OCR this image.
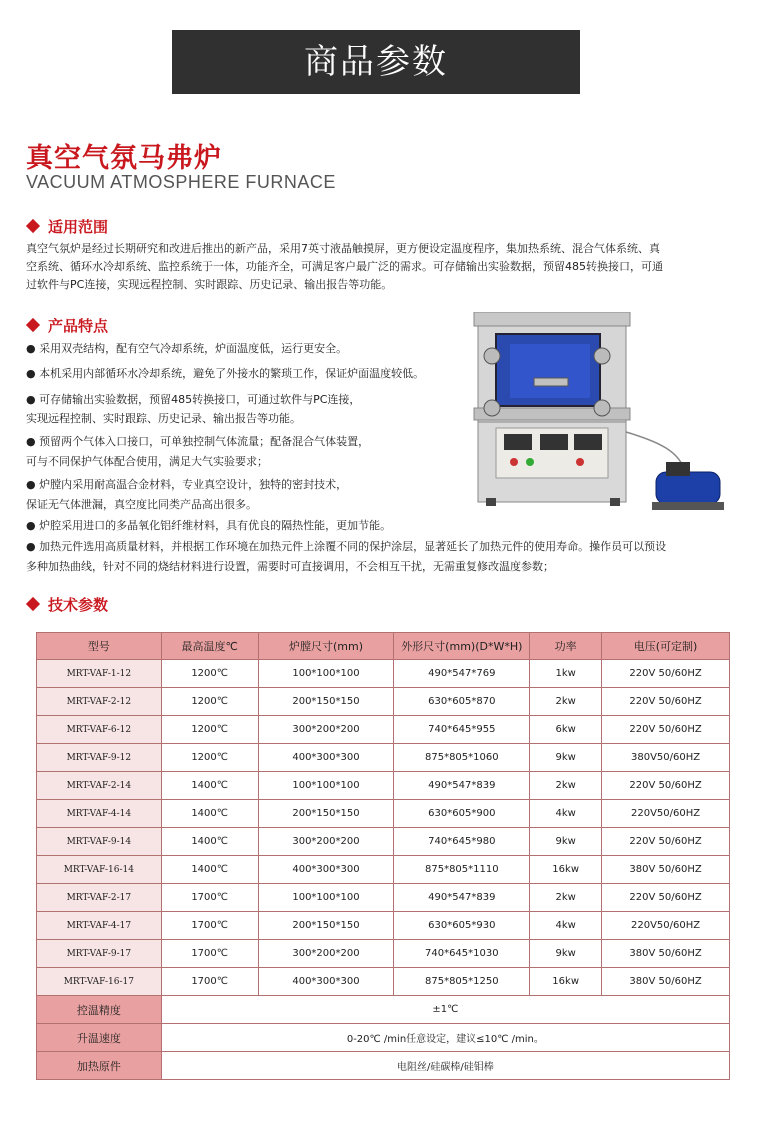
商品参数
真空气氛马弗炉
VACUUM ATMOSPHERE FURNACE
适用范围
真空气氛炉是经过长期研究和改进后推出的新产品，采用7英寸液晶触摸屏，更方便设定温度程序，集加热系统、混合气体系统、真
空系统、循环水冷却系统、监控系统于一体，功能齐全，可满足客户最广泛的需求。可存储输出实验数据，预留485转换接口，可通
过软件与PC连接，实现远程控制、实时跟踪、历史记录、输出报告等功能。
产品特点
● 采用双壳结构，配有空气冷却系统，炉面温度低，运行更安全。
● 本机采用内部循环水冷却系统，避免了外接水的繁琐工作，保证炉面温度较低。
● 可存储输出实验数据，预留485转换接口，可通过软件与PC连接，
实现远程控制、实时跟踪、历史记录、输出报告等功能。
● 预留两个气体入口接口，可单独控制气体流量；配备混合气体装置，
可与不同保护气体配合使用，满足大气实验要求；
● 炉膛内采用耐高温合金材料，专业真空设计，独特的密封技术，
保证无气体泄漏，真空度比同类产品高出很多。
● 炉腔采用进口的多晶氧化铝纤维材料，具有优良的隔热性能，更加节能。
● 加热元件选用高质量材料，并根据工作环境在加热元件上涂覆不同的保护涂层，显著延长了加热元件的使用寿命。操作员可以预设
多种加热曲线，针对不同的烧结材料进行设置，需要时可直接调用，不会相互干扰，无需重复修改温度参数；
技术参数
型号	最高温度℃	炉膛尺寸(mm)	外形尺寸(mm)(D*W*H)	功率	电压(可定制)
MRT-VAF-1-12	1200℃	100*100*100	490*547*769	1kw	220V 50/60HZ
MRT-VAF-2-12	1200℃	200*150*150	630*605*870	2kw	220V 50/60HZ
MRT-VAF-6-12	1200℃	300*200*200	740*645*955	6kw	220V 50/60HZ
MRT-VAF-9-12	1200℃	400*300*300	875*805*1060	9kw	380V50/60HZ
MRT-VAF-2-14	1400℃	100*100*100	490*547*839	2kw	220V 50/60HZ
MRT-VAF-4-14	1400℃	200*150*150	630*605*900	4kw	220V50/60HZ
MRT-VAF-9-14	1400℃	300*200*200	740*645*980	9kw	220V 50/60HZ
MRT-VAF-16-14	1400℃	400*300*300	875*805*1110	16kw	380V 50/60HZ
MRT-VAF-2-17	1700℃	100*100*100	490*547*839	2kw	220V 50/60HZ
MRT-VAF-4-17	1700℃	200*150*150	630*605*930	4kw	220V50/60HZ
MRT-VAF-9-17	1700℃	300*200*200	740*645*1030	9kw	380V 50/60HZ
MRT-VAF-16-17	1700℃	400*300*300	875*805*1250	16kw	380V 50/60HZ
控温精度	±1℃				
升温速度	0-20℃ /min任意设定，建议≤10℃ /min。				
加热原件	电阻丝/硅碳棒/硅钼棒				
